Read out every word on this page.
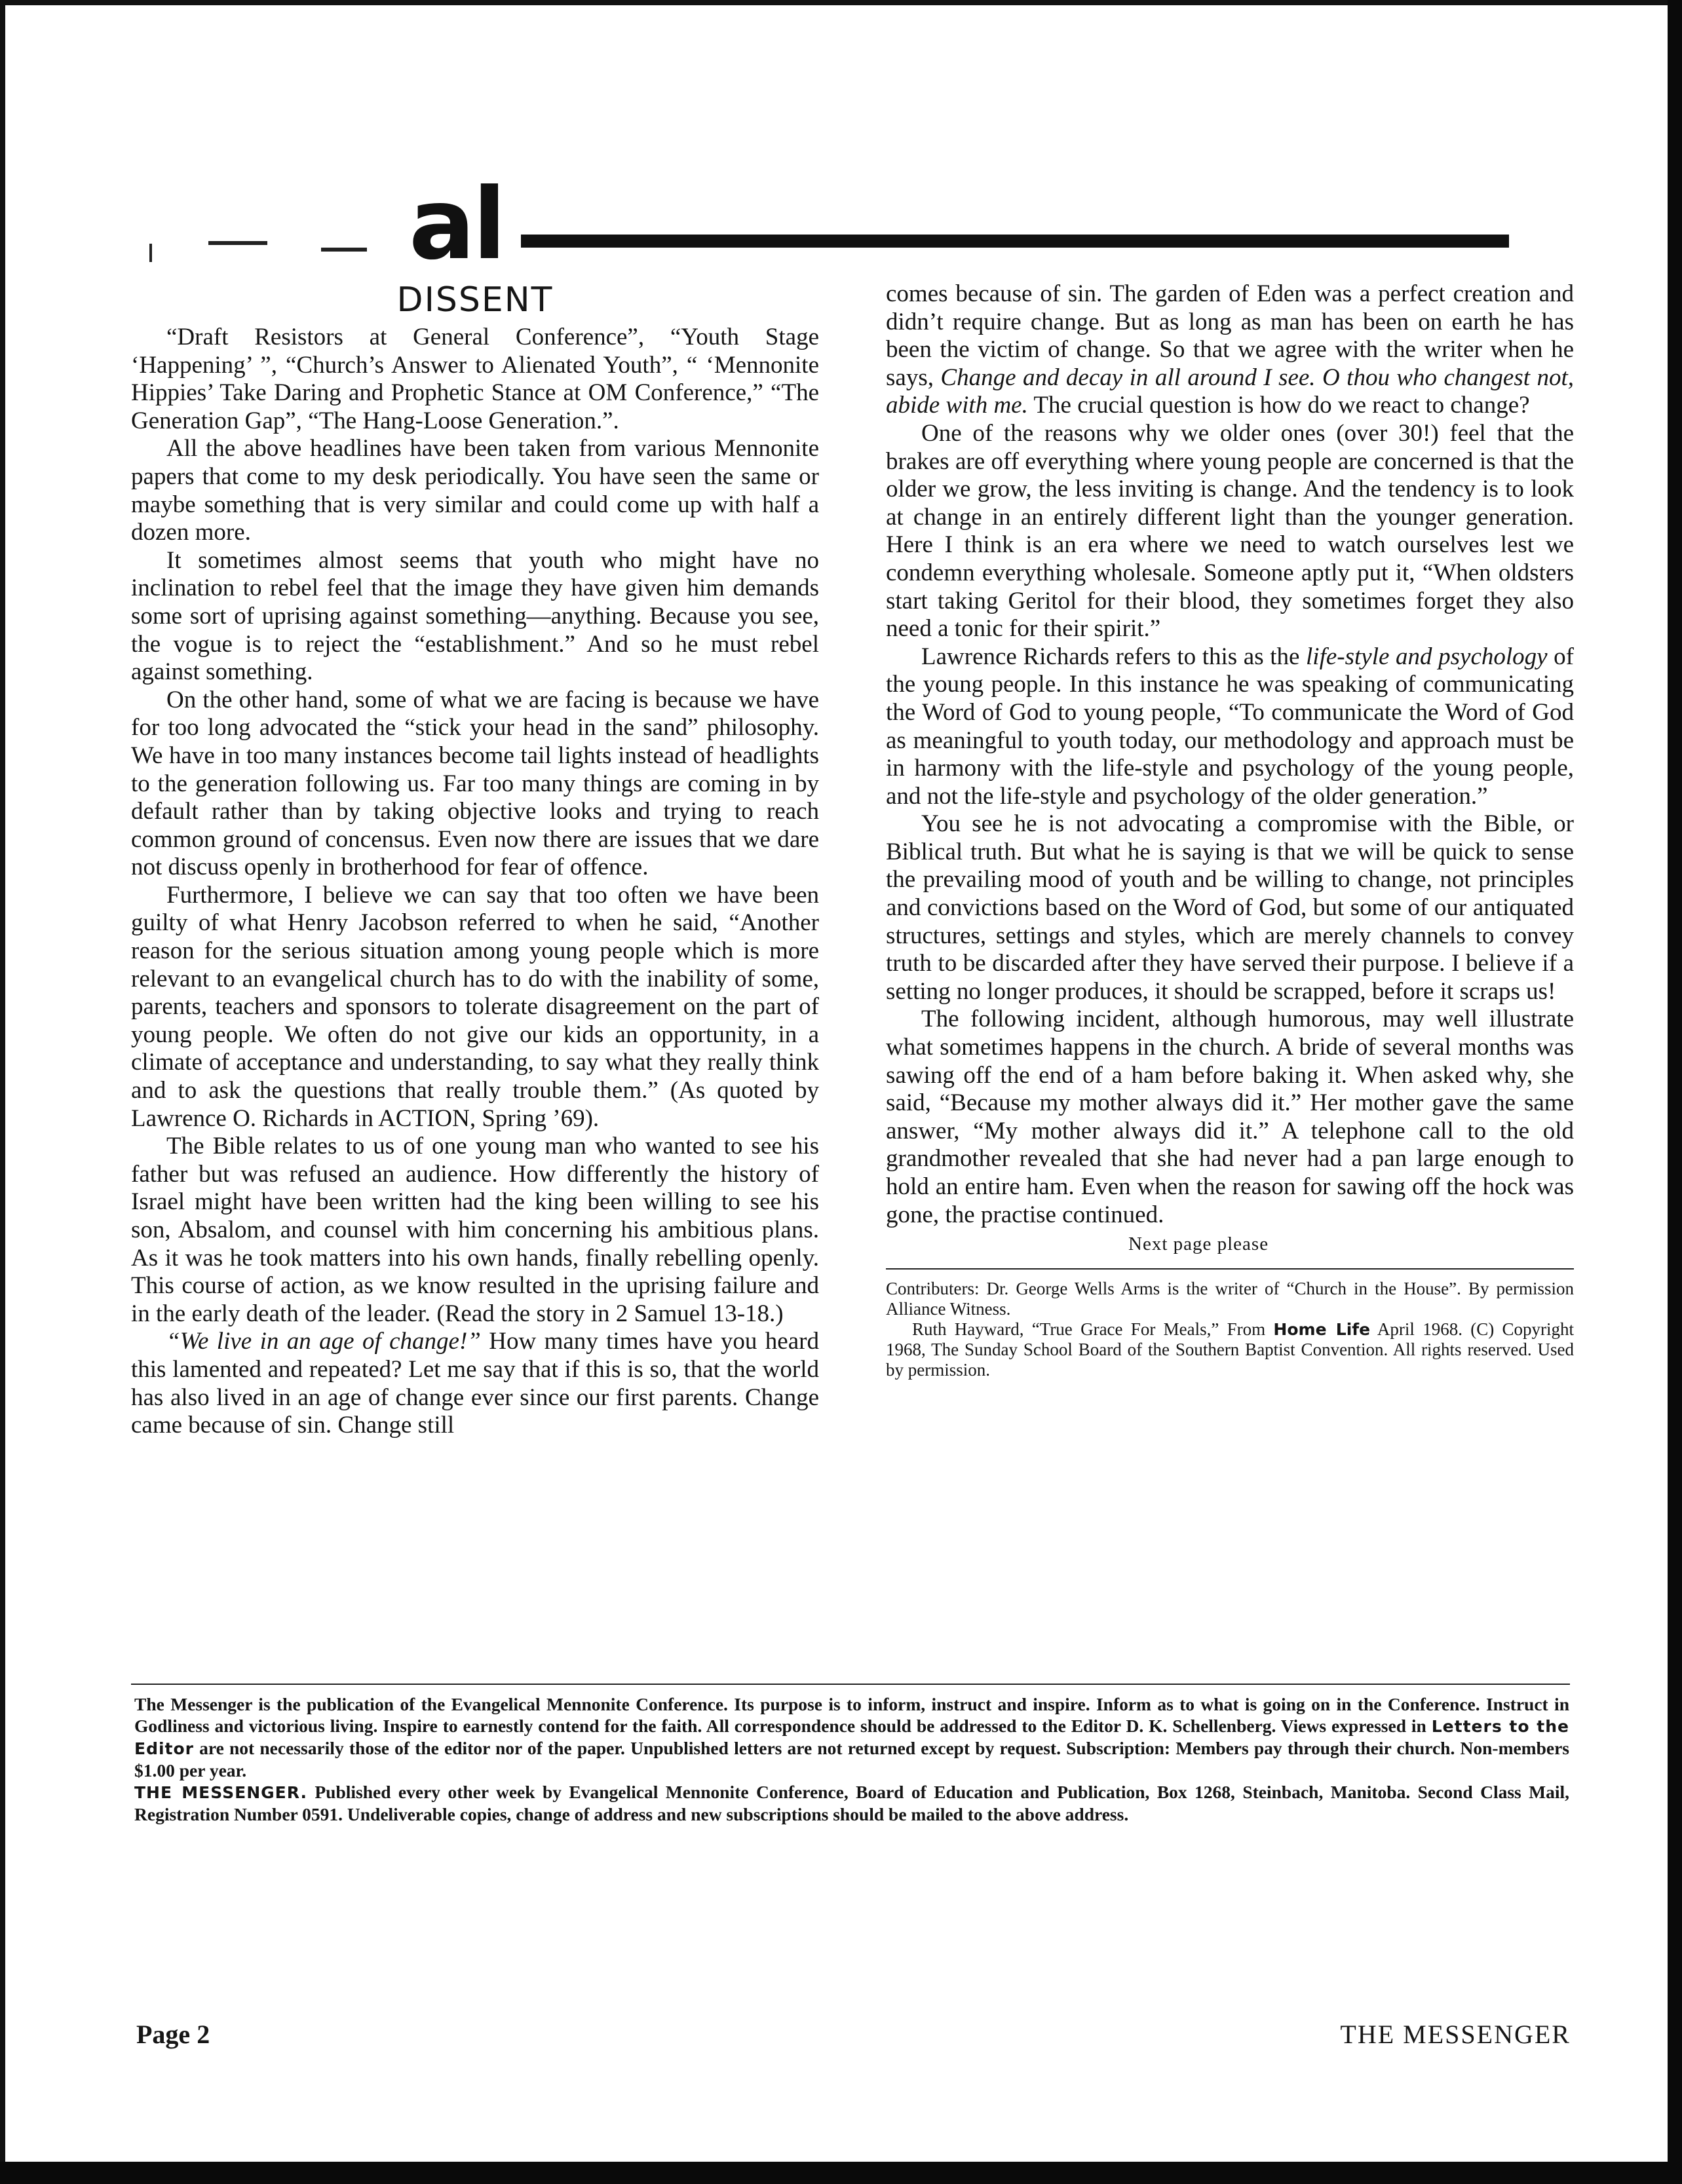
al
DISSENT

“Draft Resistors at General Conference”, “Youth Stage ‘Happening’ ”, “Church’s Answer to Alienated Youth”, “ ‘Mennonite Hippies’ Take Daring and Prophetic Stance at OM Conference,” “The Generation Gap”, “The Hang-Loose Generation.”.

All the above headlines have been taken from various Mennonite papers that come to my desk periodically. You have seen the same or maybe something that is very similar and could come up with half a dozen more.

It sometimes almost seems that youth who might have no inclination to rebel feel that the image they have given him demands some sort of uprising against something—anything. Because you see, the vogue is to reject the “establishment.” And so he must rebel against something.

On the other hand, some of what we are facing is because we have for too long advocated the “stick your head in the sand” philosophy. We have in too many instances become tail lights instead of headlights to the generation following us. Far too many things are coming in by default rather than by taking objective looks and trying to reach common ground of concensus. Even now there are issues that we dare not discuss openly in brotherhood for fear of offence.

Furthermore, I believe we can say that too often we have been guilty of what Henry Jacobson referred to when he said, “Another reason for the serious situation among young people which is more relevant to an evangelical church has to do with the inability of some, parents, teachers and sponsors to tolerate disagreement on the part of young people. We often do not give our kids an opportunity, in a climate of acceptance and understanding, to say what they really think and to ask the questions that really trouble them.” (As quoted by Lawrence O. Richards in ACTION, Spring ’69).

The Bible relates to us of one young man who wanted to see his father but was refused an audience. How differently the history of Israel might have been written had the king been willing to see his son, Absalom, and counsel with him concerning his ambitious plans. As it was he took matters into his own hands, finally rebelling openly. This course of action, as we know resulted in the uprising failure and in the early death of the leader. (Read the story in 2 Samuel 13-18.)

“We live in an age of change!” How many times have you heard this lamented and repeated? Let me say that if this is so, that the world has also lived in an age of change ever since our first parents. Change came because of sin. Change still

comes because of sin. The garden of Eden was a perfect creation and didn’t require change. But as long as man has been on earth he has been the victim of change. So that we agree with the writer when he says, Change and decay in all around I see. O thou who changest not, abide with me. The crucial question is how do we react to change?

One of the reasons why we older ones (over 30!) feel that the brakes are off everything where young people are concerned is that the older we grow, the less inviting is change. And the tendency is to look at change in an entirely different light than the younger generation. Here I think is an era where we need to watch ourselves lest we condemn everything wholesale. Someone aptly put it, “When oldsters start taking Geritol for their blood, they sometimes forget they also need a tonic for their spirit.”

Lawrence Richards refers to this as the life-style and psychology of the young people. In this instance he was speaking of communicating the Word of God to young people, “To communicate the Word of God as meaningful to youth today, our methodology and approach must be in harmony with the life-style and psychology of the young people, and not the life-style and psychology of the older generation.”

You see he is not advocating a compromise with the Bible, or Biblical truth. But what he is saying is that we will be quick to sense the prevailing mood of youth and be willing to change, not principles and convictions based on the Word of God, but some of our antiquated structures, settings and styles, which are merely channels to convey truth to be discarded after they have served their purpose. I believe if a setting no longer produces, it should be scrapped, before it scraps us!

The following incident, although humorous, may well illustrate what sometimes happens in the church. A bride of several months was sawing off the end of a ham before baking it. When asked why, she said, “Because my mother always did it.” Her mother gave the same answer, “My mother always did it.” A telephone call to the old grandmother revealed that she had never had a pan large enough to hold an entire ham. Even when the reason for sawing off the hock was gone, the practise continued.

Next page please

Contributers: Dr. George Wells Arms is the writer of “Church in the House”. By permission Alliance Witness.

Ruth Hayward, “True Grace For Meals,” From Home Life April 1968. (C) Copyright 1968, The Sunday School Board of the Southern Baptist Convention. All rights reserved. Used by permission.

The Messenger is the publication of the Evangelical Mennonite Conference. Its purpose is to inform, instruct and inspire. Inform as to what is going on in the Conference. Instruct in Godliness and victorious living. Inspire to earnestly contend for the faith. All correspondence should be addressed to the Editor D. K. Schellenberg. Views expressed in Letters to the Editor are not necessarily those of the editor nor of the paper. Unpublished letters are not returned except by request. Subscription: Members pay through their church. Non-members $1.00 per year.

THE MESSENGER. Published every other week by Evangelical Mennonite Conference, Board of Education and Publication, Box 1268, Steinbach, Manitoba. Second Class Mail, Registration Number 0591. Undeliverable copies, change of address and new subscriptions should be mailed to the above address.

Page 2	THE MESSENGER
